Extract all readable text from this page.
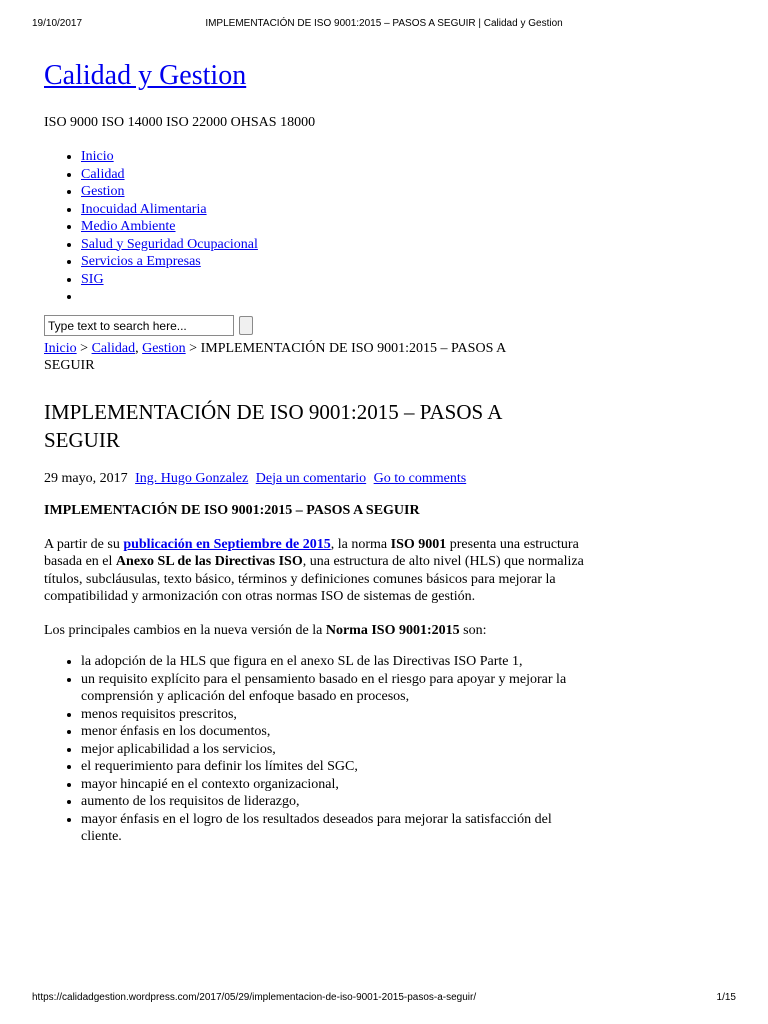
19/10/2017	IMPLEMENTACIÓN DE ISO 9001:2015 – PASOS A SEGUIR | Calidad y Gestion
Calidad y Gestion

ISO 9000 ISO 14000 ISO 22000 OHSAS 18000

• Inicio
• Calidad
• Gestion
• Inocuidad Alimentaria
• Medio Ambiente
• Salud y Seguridad Ocupacional
• Servicios a Empresas
• SIG
•
Type text to search here...
Inicio > Calidad, Gestion > IMPLEMENTACIÓN DE ISO 9001:2015 – PASOS A SEGUIR
IMPLEMENTACIÓN DE ISO 9001:2015 – PASOS A SEGUIR
29 mayo, 2017 Ing. Hugo Gonzalez Deja un comentario Go to comments
IMPLEMENTACIÓN DE ISO 9001:2015 – PASOS A SEGUIR

A partir de su publicación en Septiembre de 2015, la norma ISO 9001 presenta una estructura basada en el Anexo SL de las Directivas ISO, una estructura de alto nivel (HLS) que normaliza títulos, subcláusulas, texto básico, términos y definiciones comunes básicos para mejorar la compatibilidad y armonización con otras normas ISO de sistemas de gestión.

Los principales cambios en la nueva versión de la Norma ISO 9001:2015 son:

• la adopción de la HLS que figura en el anexo SL de las Directivas ISO Parte 1,
• un requisito explícito para el pensamiento basado en el riesgo para apoyar y mejorar la comprensión y aplicación del enfoque basado en procesos,
• menos requisitos prescritos,
• menor énfasis en los documentos,
• mejor aplicabilidad a los servicios,
• el requerimiento para definir los límites del SGC,
• mayor hincapié en el contexto organizacional,
• aumento de los requisitos de liderazgo,
• mayor énfasis en el logro de los resultados deseados para mejorar la satisfacción del cliente.
https://calidadgestion.wordpress.com/2017/05/29/implementacion-de-iso-9001-2015-pasos-a-seguir/	1/15
